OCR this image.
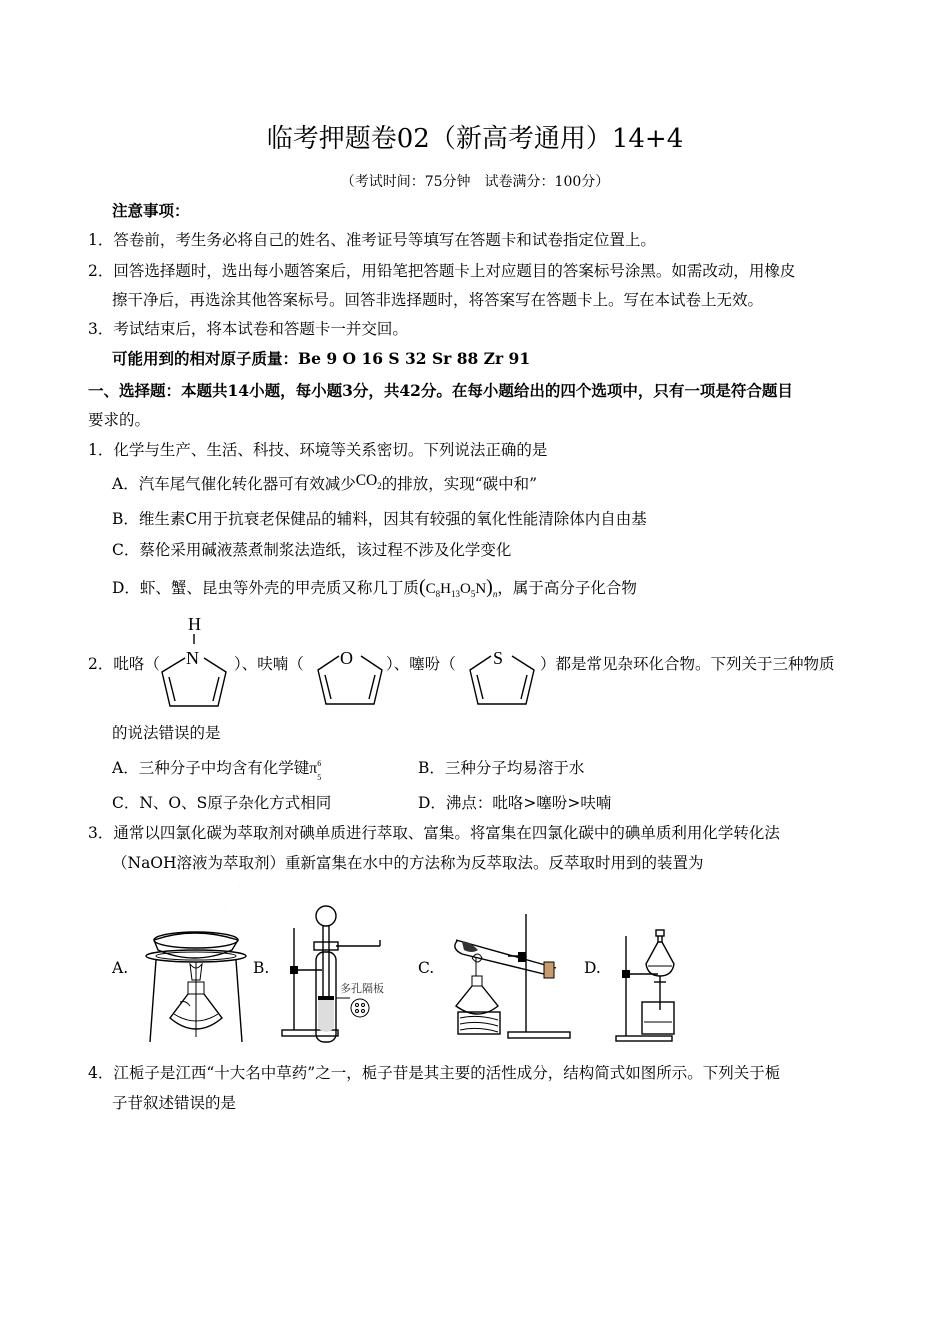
临考押题卷02（新高考通用）14+4
（考试时间：75分钟　试卷满分：100分）
注意事项：
1．答卷前，考生务必将自己的姓名、准考证号等填写在答题卡和试卷指定位置上。
2．回答选择题时，选出每小题答案后，用铅笔把答题卡上对应题目的答案标号涂黑。如需改动，用橡皮
擦干净后，再选涂其他答案标号。回答非选择题时，将答案写在答题卡上。写在本试卷上无效。
3．考试结束后，将本试卷和答题卡一并交回。
可能用到的相对原子质量：Be 9 O 16 S 32 Sr 88 Zr 91
一、选择题：本题共14小题，每小题3分，共42分。在每小题给出的四个选项中，只有一项是符合题目
要求的。
1．化学与生产、生活、科技、环境等关系密切。下列说法正确的是
A．汽车尾气催化转化器可有效减少$CO_2$的排放，实现“碳中和”
B．维生素C用于抗衰老保健品的辅料，因其有较强的氧化性能清除体内自由基
C．蔡伦采用碱液蒸煮制浆法造纸，该过程不涉及化学变化
D．虾、蟹、昆虫等外壳的甲壳质又称几丁质$(C_8H_{13}O_5N)_n$，属于高分子化合物
2．吡咯（
H
N ）、呋喃（ O ）、噻吩（ S ）都是常见杂环化合物。下列关于三种物质
的说法错误的是
A．三种分子中均含有化学键π 6
5
B．三种分子均易溶于水
C．N、O、S原子杂化方式相同	D．沸点：吡咯>噻吩>呋喃
3．通常以四氯化碳为萃取剂对碘单质进行萃取、富集。将富集在四氯化碳中的碘单质利用化学转化法
（NaOH溶液为萃取剂）重新富集在水中的方法称为反萃取法。反萃取时用到的装置为
A.	B.
多孔隔板
C.	D.
4．江栀子是江西“十大名中草药”之一，栀子苷是其主要的活性成分，结构简式如图所示。下列关于栀
子苷叙述错误的是
